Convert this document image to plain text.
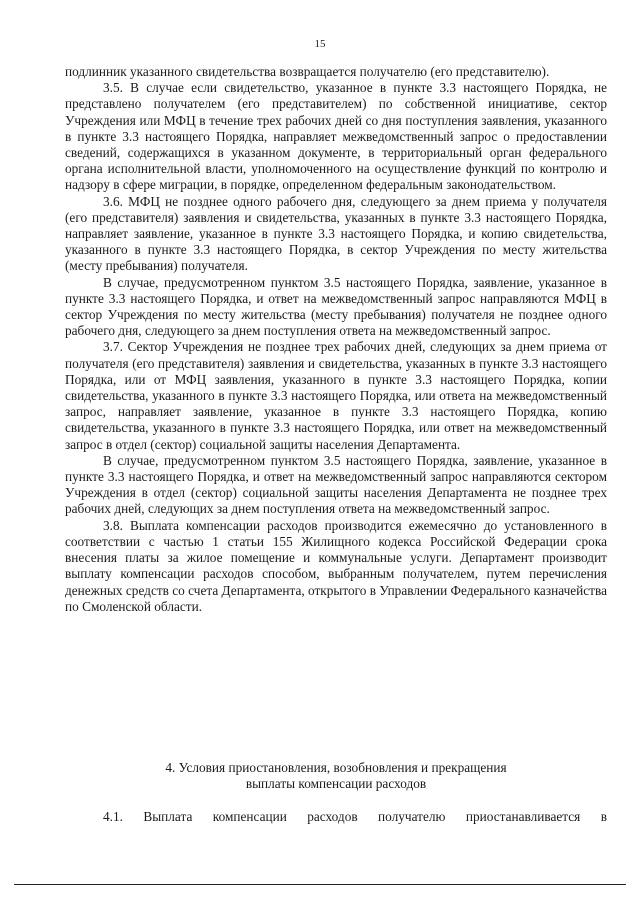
15

подлинник указанного свидетельства возвращается получателю (его представителю).

3.5. В случае если свидетельство, указанное в пункте 3.3 настоящего Порядка, не представлено получателем (его представителем) по собственной инициативе, сектор Учреждения или МФЦ в течение трех рабочих дней со дня поступления заявления, указанного в пункте 3.3 настоящего Порядка, направляет межведомственный запрос о предоставлении сведений, содержащихся в указанном документе, в территориальный орган федерального органа исполнительной власти, уполномоченного на осуществление функций по контролю и надзору в сфере миграции, в порядке, определенном федеральным законодательством.

3.6. МФЦ не позднее одного рабочего дня, следующего за днем приема у получателя (его представителя) заявления и свидетельства, указанных в пункте 3.3 настоящего Порядка, направляет заявление, указанное в пункте 3.3 настоящего Порядка, и копию свидетельства, указанного в пункте 3.3 настоящего Порядка, в сектор Учреждения по месту жительства (месту пребывания) получателя.

В случае, предусмотренном пунктом 3.5 настоящего Порядка, заявление, указанное в пункте 3.3 настоящего Порядка, и ответ на межведомственный запрос направляются МФЦ в сектор Учреждения по месту жительства (месту пребывания) получателя не позднее одного рабочего дня, следующего за днем поступления ответа на межведомственный запрос.

3.7. Сектор Учреждения не позднее трех рабочих дней, следующих за днем приема от получателя (его представителя) заявления и свидетельства, указанных в пункте 3.3 настоящего Порядка, или от МФЦ заявления, указанного в пункте 3.3 настоящего Порядка, копии свидетельства, указанного в пункте 3.3 настоящего Порядка, или ответа на межведомственный запрос, направляет заявление, указанное в пункте 3.3 настоящего Порядка, копию свидетельства, указанного в пункте 3.3 настоящего Порядка, или ответ на межведомственный запрос в отдел (сектор) социальной защиты населения Департамента.

В случае, предусмотренном пунктом 3.5 настоящего Порядка, заявление, указанное в пункте 3.3 настоящего Порядка, и ответ на межведомственный запрос направляются сектором Учреждения в отдел (сектор) социальной защиты населения Департамента не позднее трех рабочих дней, следующих за днем поступления ответа на межведомственный запрос.

3.8. Выплата компенсации расходов производится ежемесячно до установленного в соответствии с частью 1 статьи 155 Жилищного кодекса Российской Федерации срока внесения платы за жилое помещение и коммунальные услуги. Департамент производит выплату компенсации расходов способом, выбранным получателем, путем перечисления денежных средств со счета Департамента, открытого в Управлении Федерального казначейства по Смоленской области.

4. Условия приостановления, возобновления и прекращения
выплаты компенсации расходов
4.1. Выплата компенсации расходов получателю приостанавливается в
